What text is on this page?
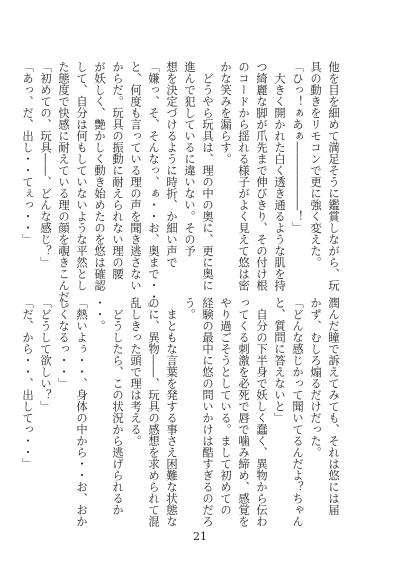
他を目を細めて満足そうに鑑賞しながら、玩

具の動きをリモコンで更に強く変えた。

「ひっ！ぁあぁ――――――！」

　大きく開かれた白く透き通るような肌を持

つ綺麗な脚が爪先まで伸びきり、その付け根

のコードから揺れる様子がよく見えて悠は密

かな笑みを漏らす。

　どうやら玩具は、理の中の奥に、更に奥に

進んで犯しているに違いない。その予

想を決定づけるように時折、か細い声で

「嫌っ、そ、そんなっ、ぁ・・お、奥まで・・」

と、何度も言っている理の声を聞き逃さない

からだ。玩具の振動に耐えられない理の腰

が妖しく、艶かしく動き始めたのを悠は確認

して、自分は何もしていないような平然とし

た態度で快感に耐えている理の顔を覗きこんだ。

「初めての、玩具――、どんな感じ？」

「あっ、だ、出し・・てぇっ・・」

潤んだ瞳で訴えてみても、それは悠には届

かず、むしろ煽るだけだった。

「どんな感じかって聞いてるんだよ？ちゃん

と、質問に答えないと」

　自分の下半身で妖しく蠢く、異物から伝わ

ってくる刺激を必死で唇で噛み締め、感覚を

やり過ごそうとしている。まして初めての

経験の最中に悠の問いかけは酷すぎるのだろ

う。

　まともな言葉を発する事さえ困難な状態な

のに、異物――、玩具の感想を求められて混

乱しきった頭で理は考える。

　どうしたら、この状況から逃げられるか

・・。

「熱いよぅ・・、身体の中から・・お、おか

しくなるっ・・」

「どうして欲しい？」

「だ、から・・、出してっ・・」

21
